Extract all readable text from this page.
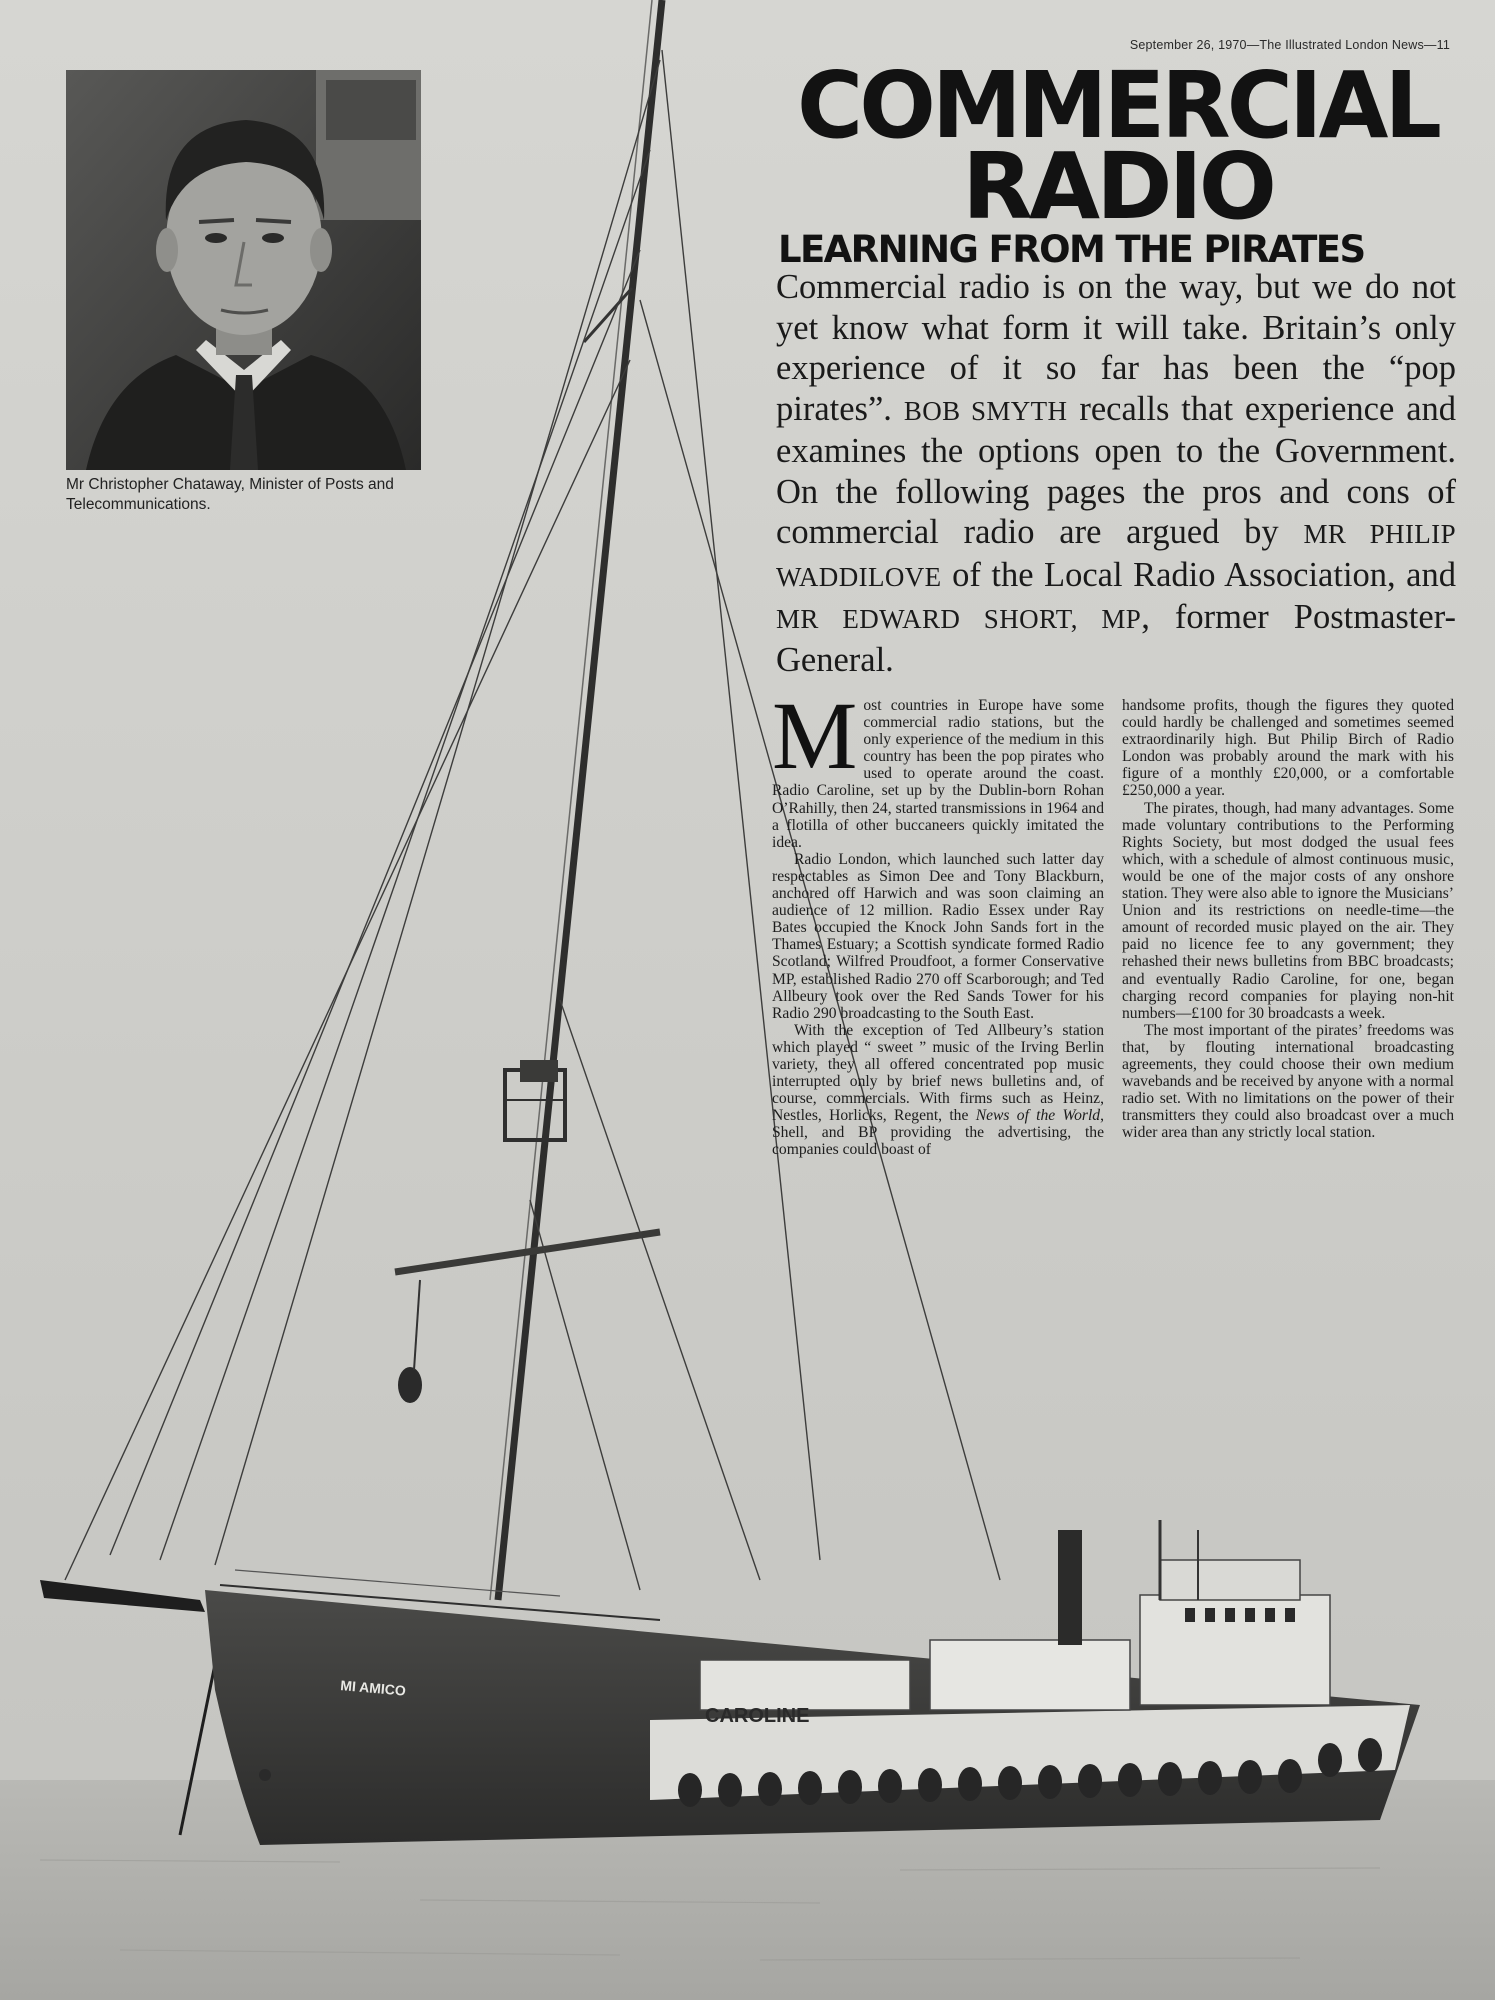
MI AMICO
CAROLINE
September 26, 1970—The Illustrated London News—11
Mr Christopher Chataway, Minister of Posts and Telecommunications.
COMMERCIAL
RADIO
LEARNING FROM THE PIRATES
Commercial radio is on the way, but we do not yet know what form it will take. Britain’s only experience of it so far has been the “pop pirates”. BOB SMYTH recalls that experience and examines the options open to the Government. On the following pages the pros and cons of commercial radio are argued by MR PHILIP WADDILOVE of the Local Radio Association, and MR EDWARD SHORT, MP, former Postmaster-General.

Most countries in Europe have some commercial radio stations, but the only experience of the medium in this country has been the pop pirates who used to operate around the coast. Radio Caroline, set up by the Dublin-born Rohan O’Rahilly, then 24, started transmissions in 1964 and a flotilla of other buccaneers quickly imitated the idea.

Radio London, which launched such latter day respectables as Simon Dee and Tony Blackburn, anchored off Harwich and was soon claiming an audience of 12 million. Radio Essex under Ray Bates occupied the Knock John Sands fort in the Thames Estuary; a Scottish syndicate formed Radio Scotland; Wilfred Proudfoot, a former Conservative MP, established Radio 270 off Scarborough; and Ted Allbeury took over the Red Sands Tower for his Radio 290 broadcasting to the South East.

With the exception of Ted Allbeury’s station which played “ sweet ” music of the Irving Berlin variety, they all offered concentrated pop music interrupted only by brief news bulletins and, of course, commercials. With firms such as Heinz, Nestles, Horlicks, Regent, the News of the World, Shell, and BP providing the advertising, the companies could boast of

handsome profits, though the figures they quoted could hardly be challenged and sometimes seemed extraordinarily high. But Philip Birch of Radio London was probably around the mark with his figure of a monthly £20,000, or a comfortable £250,000 a year.

The pirates, though, had many advantages. Some made voluntary contributions to the Performing Rights Society, but most dodged the usual fees which, with a schedule of almost continuous music, would be one of the major costs of any onshore station. They were also able to ignore the Musicians’ Union and its restrictions on needle-time—the amount of recorded music played on the air. They paid no licence fee to any government; they rehashed their news bulletins from BBC broadcasts; and eventually Radio Caroline, for one, began charging record companies for playing non-hit numbers—£100 for 30 broadcasts a week.

The most important of the pirates’ freedoms was that, by flouting international broadcasting agreements, they could choose their own medium wavebands and be received by anyone with a normal radio set. With no limitations on the power of their transmitters they could also broadcast over a much wider area than any strictly local station.
